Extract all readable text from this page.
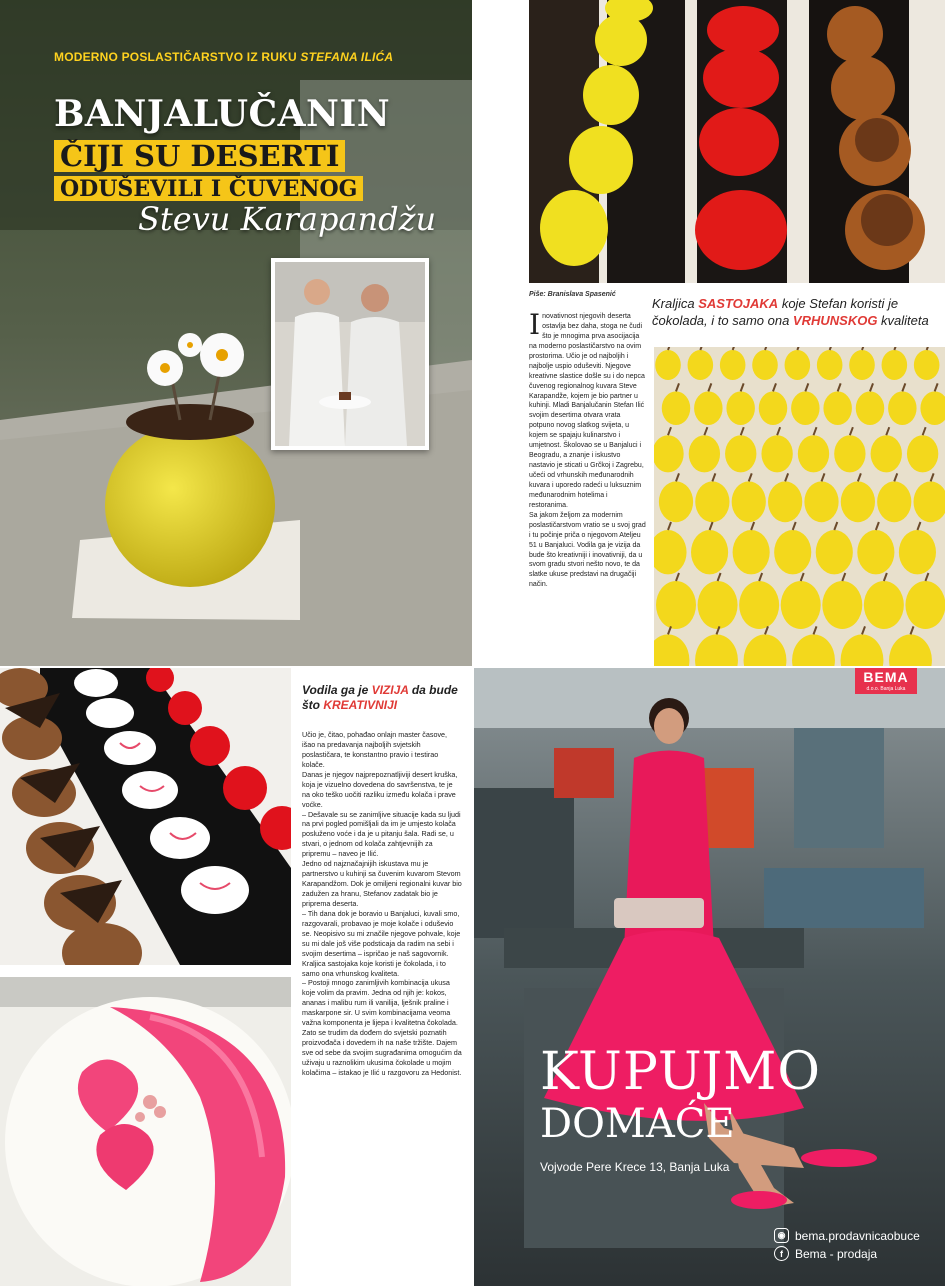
MODERNO POSLASTIČARSTVO IZ RUKU STEFANA ILIĆA
BANJALUČANIN
ČIJI SU DESERTI
ODUŠEVILI I ČUVENOG
Stevu Karapandžu
Piše: Branislava Spasenić
Kraljica SASTOJAKA koje Stefan koristi je čokolada, i to samo ona VRHUNSKOG kvaliteta
Inovativnost njegovih deserta ostavlja bez daha, stoga ne čudi što je mnogima prva asocijacija na moderno poslastičarstvo na ovim prostorima. Učio je od najboljih i najbolje uspio oduševiti. Njegove kreativne slastice došle su i do nepca čuvenog regionalnog kuvara Steve Karapandže, kojem je bio partner u kuhinji. Mladi Banjalučanin Stefan Ilić svojim desertima otvara vrata potpuno novog slatkog svijeta, u kojem se spajaju kulinarstvo i umjetnost. Školovao se u Banjaluci i Beogradu, a znanje i iskustvo nastavio je sticati u Grčkoj i Zagrebu, učeći od vrhunskih međunarodnih kuvara i uporedo radeći u luksuznim međunarodnim hotelima i restoranima.
Sa jakom željom za modernim poslastičarstvom vratio se u svoj grad i tu počinje priča o njegovom Ateljeu 51 u Banjaluci. Vodila ga je vizija da bude što kreativniji i inovativniji, da u svom gradu stvori nešto novo, te da slatke ukuse predstavi na drugačiji način.
Vodila ga je VIZIJA da bude što KREATIVNIJI
Učio je, čitao, pohađao onlajn master časove, išao na predavanja najboljih svjetskih poslastičara, te konstantno pravio i testirao kolače.
Danas je njegov najprepoznatljiviji desert kruška, koja je vizuelno dovedena do savršenstva, te je na oko teško uočiti razliku između kolača i prave voćke.
– Dešavale su se zanimljive situacije kada su ljudi na prvi pogled pomišljali da im je umjesto kolača posluženo voće i da je u pitanju šala. Radi se, u stvari, o jednom od kolača zahtjevnijih za pripremu – naveo je Ilić.
Jedno od najznačajnijih iskustava mu je partnerstvo u kuhinji sa čuvenim kuvarom Stevom Karapandžom. Dok je omiljeni regionalni kuvar bio zadužen za hranu, Stefanov zadatak bio je priprema deserta.
– Tih dana dok je boravio u Banjaluci, kuvali smo, razgovarali, probavao je moje kolače i oduševio se. Neopisivo su mi značile njegove pohvale, koje su mi dale još više podsticaja da radim na sebi i svojim desertima – ispričao je naš sagovornik.
Kraljica sastojaka koje koristi je čokolada, i to samo ona vrhunskog kvaliteta.
– Postoji mnogo zanimljivih kombinacija ukusa koje volim da pravim. Jedna od njih je: kokos, ananas i malibu rum ili vanilija, lješnik praline i maskarpone sir. U svim kombinacijama veoma važna komponenta je lijepa i kvalitetna čokolada. Zato se trudim da dođem do svjetski poznatih proizvođača i dovedem ih na naše tržište. Dajem sve od sebe da svojim sugrađanima omogućim da uživaju u raznolikim ukusima čokolade u mojim kolačima – istakao je Ilić u razgovoru za Hedonist.
BEMA
d.o.o. Banja Luka
KUPUJMO
DOMAĆE
Vojvode Pere Krece 13, Banja Luka
◉ bema.prodavnicaobuce
f	Bema - prodaja
